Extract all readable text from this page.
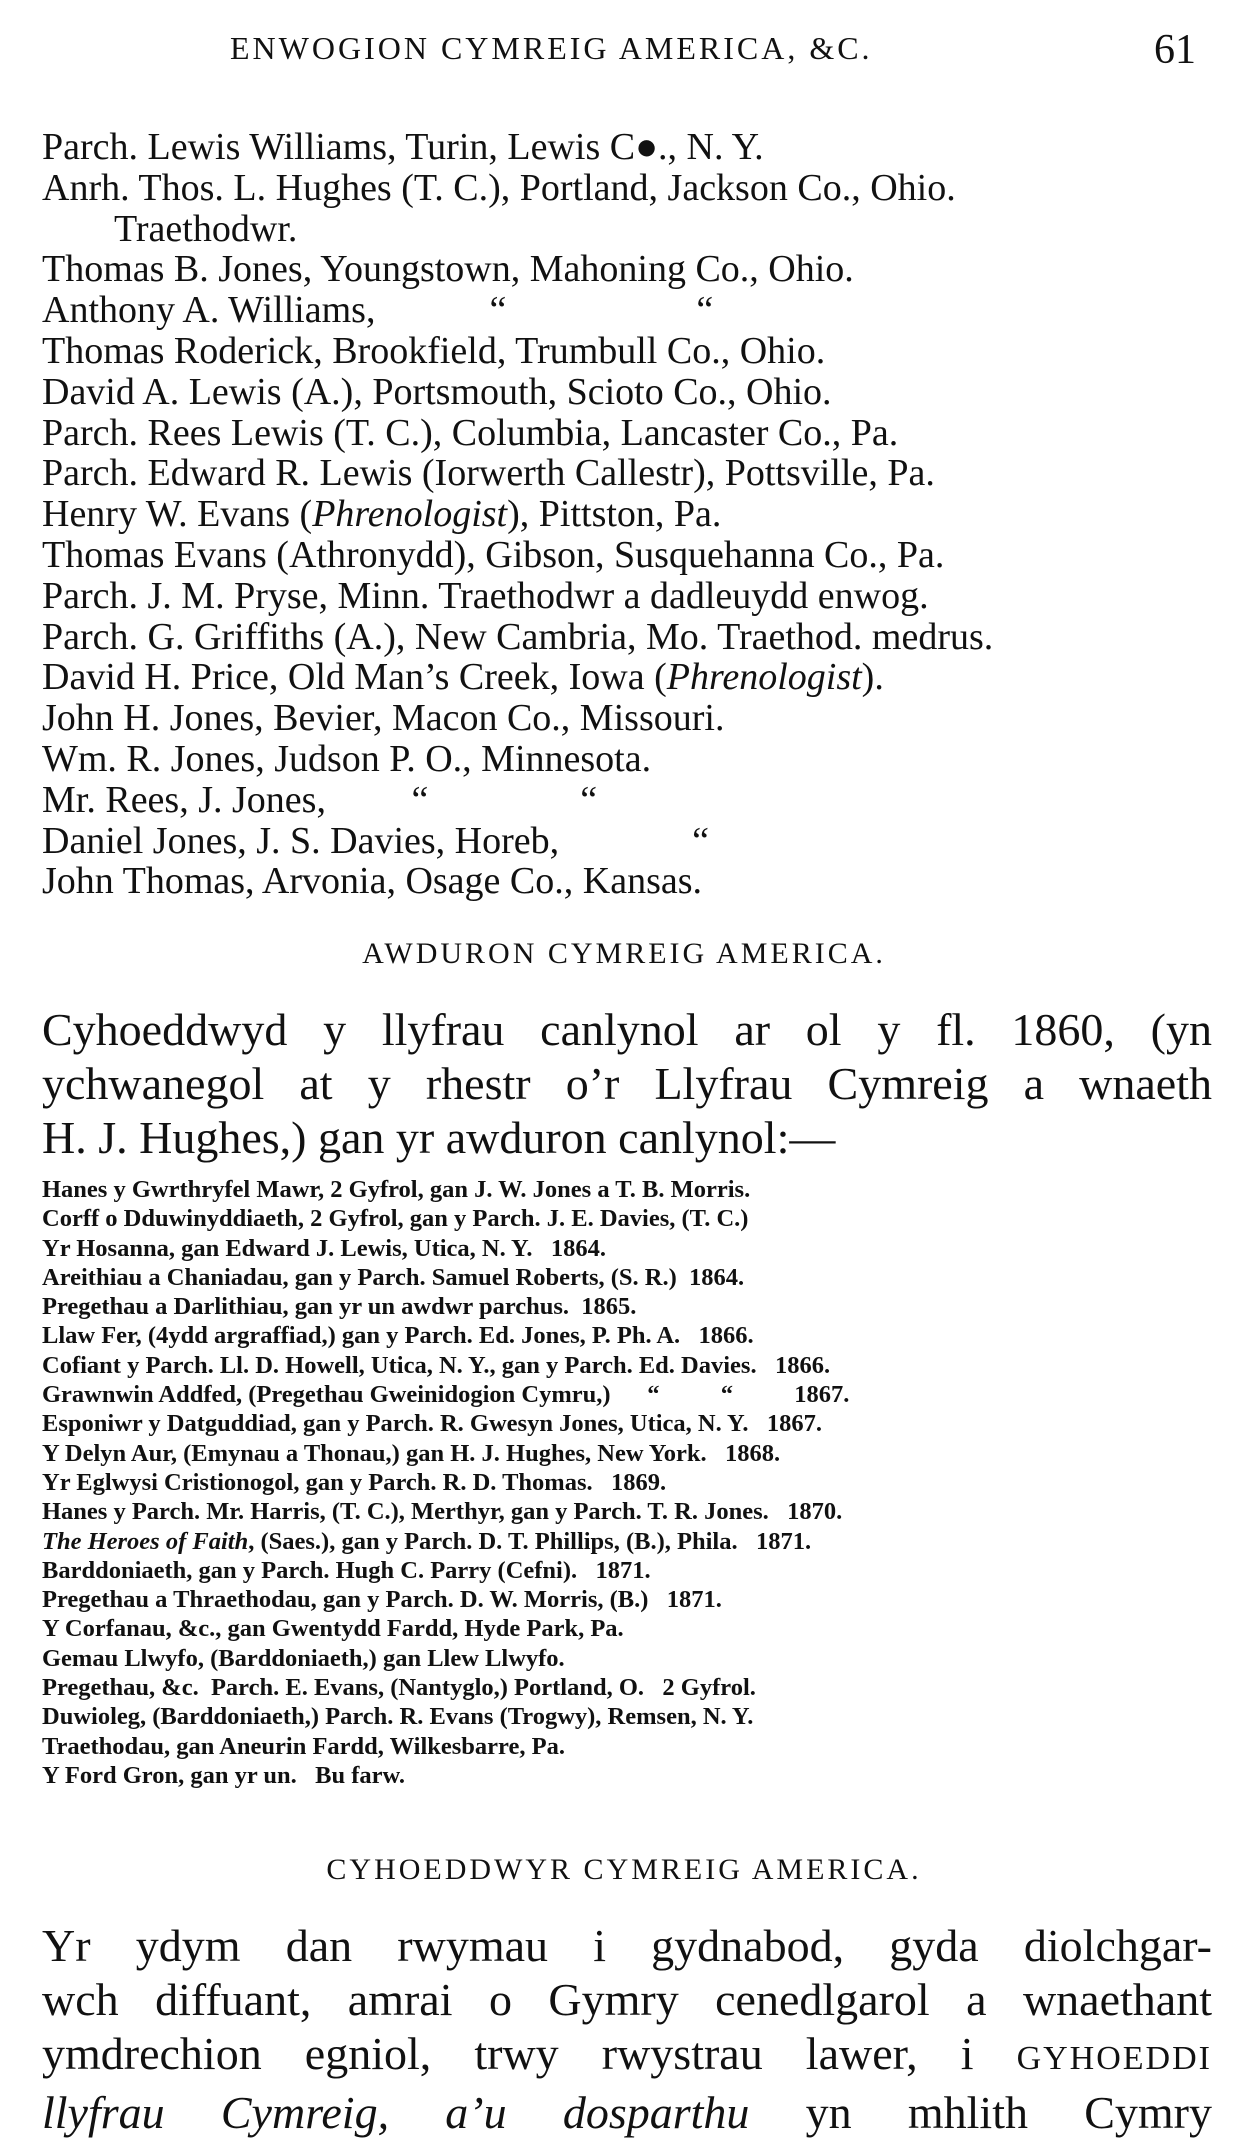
ENWOGION CYMREIG AMERICA, &C.	61
Parch. Lewis Williams, Turin, Lewis C●., N. Y.
Anrh. Thos. L. Hughes (T. C.), Portland, Jackson Co., Ohio.
Traethodwr.
Thomas B. Jones, Youngstown, Mahoning Co., Ohio.
Anthony A. Williams,            “                    “
Thomas Roderick, Brookfield, Trumbull Co., Ohio.
David A. Lewis (A.), Portsmouth, Scioto Co., Ohio.
Parch. Rees Lewis (T. C.), Columbia, Lancaster Co., Pa.
Parch. Edward R. Lewis (Iorwerth Callestr), Pottsville, Pa.
Henry W. Evans (Phrenologist), Pittston, Pa.
Thomas Evans (Athronydd), Gibson, Susquehanna Co., Pa.
Parch. J. M. Pryse, Minn. Traethodwr a dadleuydd enwog.
Parch. G. Griffiths (A.), New Cambria, Mo. Traethod. medrus.
David H. Price, Old Man’s Creek, Iowa (Phrenologist).
John H. Jones, Bevier, Macon Co., Missouri.
Wm. R. Jones, Judson P. O., Minnesota.
Mr. Rees, J. Jones,         “                “
Daniel Jones, J. S. Davies, Horeb,              “
John Thomas, Arvonia, Osage Co., Kansas.
AWDURON CYMREIG AMERICA.
Cyhoeddwyd y llyfrau canlynol ar ol y fl. 1860, (yn
ychwanegol at y rhestr o’r Llyfrau Cymreig a wnaeth
H. J. Hughes,) gan yr awduron canlynol:—
Hanes y Gwrthryfel Mawr, 2 Gyfrol, gan J. W. Jones a T. B. Morris.
Corff o Dduwinyddiaeth, 2 Gyfrol, gan y Parch. J. E. Davies, (T. C.)
Yr Hosanna, gan Edward J. Lewis, Utica, N. Y.   1864.
Areithiau a Chaniadau, gan y Parch. Samuel Roberts, (S. R.)  1864.
Pregethau a Darlithiau, gan yr un awdwr parchus.  1865.
Llaw Fer, (4ydd argraffiad,) gan y Parch. Ed. Jones, P. Ph. A.   1866.
Cofiant y Parch. Ll. D. Howell, Utica, N. Y., gan y Parch. Ed. Davies.   1866.
Grawnwin Addfed, (Pregethau Gweinidogion Cymru,)      “          “          1867.
Esponiwr y Datguddiad, gan y Parch. R. Gwesyn Jones, Utica, N. Y.   1867.
Y Delyn Aur, (Emynau a Thonau,) gan H. J. Hughes, New York.   1868.
Yr Eglwysi Cristionogol, gan y Parch. R. D. Thomas.   1869.
Hanes y Parch. Mr. Harris, (T. C.), Merthyr, gan y Parch. T. R. Jones.   1870.
The Heroes of Faith, (Saes.), gan y Parch. D. T. Phillips, (B.), Phila.   1871.
Barddoniaeth, gan y Parch. Hugh C. Parry (Cefni).   1871.
Pregethau a Thraethodau, gan y Parch. D. W. Morris, (B.)   1871.
Y Corfanau, &c., gan Gwentydd Fardd, Hyde Park, Pa.
Gemau Llwyfo, (Barddoniaeth,) gan Llew Llwyfo.
Pregethau, &c.  Parch. E. Evans, (Nantyglo,) Portland, O.   2 Gyfrol.
Duwioleg, (Barddoniaeth,) Parch. R. Evans (Trogwy), Remsen, N. Y.
Traethodau, gan Aneurin Fardd, Wilkesbarre, Pa.
Y Ford Gron, gan yr un.   Bu farw.
CYHOEDDWYR CYMREIG AMERICA.
Yr ydym dan rwymau i gydnabod, gyda diolchgar-
wch diffuant, amrai o Gymry cenedlgarol a wnaethant
ymdrechion egniol, trwy rwystrau lawer, i GYHOEDDI
llyfrau Cymreig, a’u dosparthu yn mhlith Cymry
